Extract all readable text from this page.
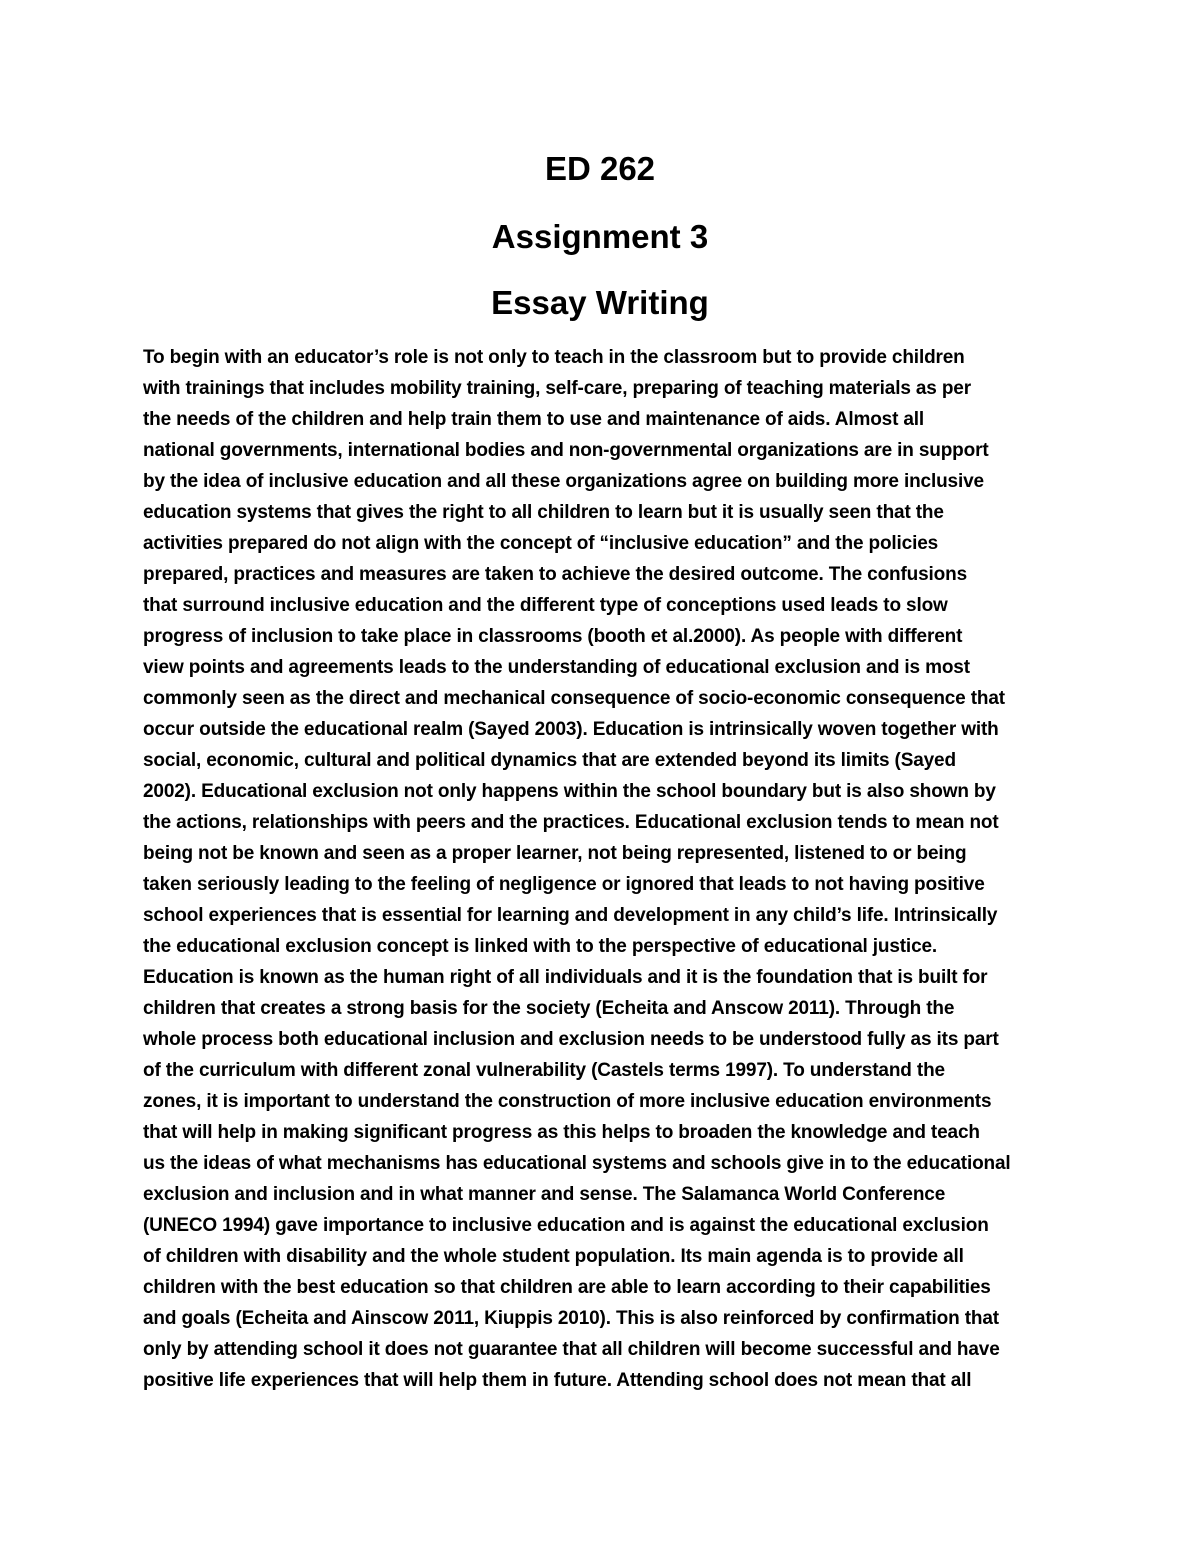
ED 262
Assignment 3
Essay Writing
To begin with an educator’s role is not only to teach in the classroom but to provide children
with trainings that includes mobility training, self-care, preparing of teaching materials as per
the needs of the children and help train them to use and maintenance of aids. Almost all
national governments, international bodies and non-governmental organizations are in support
by the idea of inclusive education and all these organizations agree on building more inclusive
education systems that gives the right to all children to learn but it is usually seen that the
activities prepared do not align with the concept of “inclusive education” and the policies
prepared, practices and measures are taken to achieve the desired outcome. The confusions
that surround inclusive education and the different type of conceptions used leads to slow
progress of inclusion to take place in classrooms (booth et al.2000). As people with different
view points and agreements leads to the understanding of educational exclusion and is most
commonly seen as the direct and mechanical consequence of socio-economic consequence that
occur outside the educational realm (Sayed 2003). Education is intrinsically woven together with
social, economic, cultural and political dynamics that are extended beyond its limits (Sayed
2002). Educational exclusion not only happens within the school boundary but is also shown by
the actions, relationships with peers and the practices. Educational exclusion tends to mean not
being not be known and seen as a proper learner, not being represented, listened to or being
taken seriously leading to the feeling of negligence or ignored that leads to not having positive
school experiences that is essential for learning and development in any child’s life. Intrinsically
the educational exclusion concept is linked with to the perspective of educational justice.
Education is known as the human right of all individuals and it is the foundation that is built for
children that creates a strong basis for the society (Echeita and Anscow 2011). Through the
whole process both educational inclusion and exclusion needs to be understood fully as its part
of the curriculum with different zonal vulnerability (Castels terms 1997). To understand the
zones, it is important to understand the construction of more inclusive education environments
that will help in making significant progress as this helps to broaden the knowledge and teach
us the ideas of what mechanisms has educational systems and schools give in to the educational
exclusion and inclusion and in what manner and sense. The Salamanca World Conference
(UNECO 1994) gave importance to inclusive education and is against the educational exclusion
of children with disability and the whole student population. Its main agenda is to provide all
children with the best education so that children are able to learn according to their capabilities
and goals (Echeita and Ainscow 2011, Kiuppis 2010). This is also reinforced by confirmation that
only by attending school it does not guarantee that all children will become successful and have
positive life experiences that will help them in future. Attending school does not mean that all
